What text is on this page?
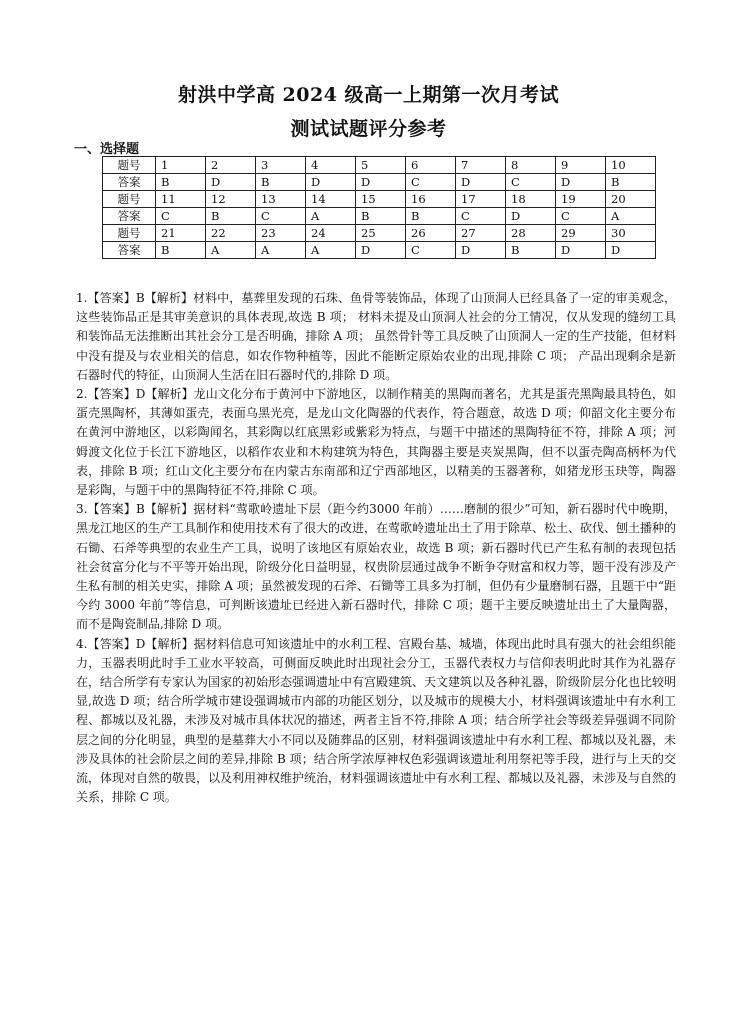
射洪中学高 2024 级高一上期第一次月考试
测试试题评分参考
一、选择题
题号	1	2	3	4	5	6	7	8	9	10
答案	B	D	B	D	D	C	D	C	D	B
题号	11	12	13	14	15	16	17	18	19	20
答案	C	B	C	A	B	B	C	D	C	A
题号	21	22	23	24	25	26	27	28	29	30
答案	B	A	A	A	D	C	D	B	D	D

1.【答案】B【解析】材料中，墓葬里发现的石珠、鱼骨等装饰品，体现了山顶洞人已经具备了一定的审美观念，这些装饰品正是其审美意识的具体表现,故选 B 项； 材料未提及山顶洞人社会的分工情况，仅从发现的缝纫工具和装饰品无法推断出其社会分工是否明确，排除 A 项； 虽然骨针等工具反映了山顶洞人一定的生产技能，但材料中没有提及与农业相关的信息，如农作物种植等，因此不能断定原始农业的出现,排除 C 项； 产品出现剩余是新石器时代的特征，山顶洞人生活在旧石器时代的,排除 D 项。

2.【答案】D【解析】龙山文化分布于黄河中下游地区，以制作精美的黑陶而著名，尤其是蛋壳黑陶最具特色，如蛋壳黑陶杯，其薄如蛋壳，表面乌黑光亮，是龙山文化陶器的代表作，符合题意，故选 D 项；仰韶文化主要分布在黄河中游地区，以彩陶闻名，其彩陶以红底黑彩或紫彩为特点，与题干中描述的黑陶特征不符，排除 A 项；河姆渡文化位于长江下游地区，以稻作农业和木构建筑为特色，其陶器主要是夹炭黑陶，但不以蛋壳陶高柄杯为代表，排除 B 项；红山文化主要分布在内蒙古东南部和辽宁西部地区，以精美的玉器著称，如猪龙形玉玦等，陶器是彩陶，与题干中的黑陶特征不符,排除 C 项。

3.【答案】B【解析】据材料“莺歌岭遗址下层（距今约3000 年前）……磨制的很少”可知，新石器时代中晚期，黑龙江地区的生产工具制作和使用技术有了很大的改进，在莺歌岭遗址出土了用于除草、松土、砍伐、刨土播种的石锄、石斧等典型的农业生产工具，说明了该地区有原始农业，故选 B 项；新石器时代已产生私有制的表现包括社会贫富分化与不平等开始出现，阶级分化日益明显，权贵阶层通过战争不断争夺财富和权力等，题干没有涉及产生私有制的相关史实，排除 A 项；虽然被发现的石斧、石锄等工具多为打制，但仍有少量磨制石器，且题干中“距今约 3000 年前”等信息，可判断该遗址已经进入新石器时代，排除 C 项；题干主要反映遗址出土了大量陶器，而不是陶瓷制品,排除 D 项。

4.【答案】D【解析】据材料信息可知该遗址中的水利工程、宫殿台基、城墙，体现出此时具有强大的社会组织能力，玉器表明此时手工业水平较高，可侧面反映此时出现社会分工，玉器代表权力与信仰表明此时其作为礼器存在，结合所学有专家认为国家的初始形态强调遗址中有宫殿建筑、天文建筑以及各种礼器，阶级阶层分化也比较明显,故选 D 项；结合所学城市建设强调城市内部的功能区划分，以及城市的规模大小，材料强调该遗址中有水利工程、都城以及礼器，未涉及对城市具体状况的描述，两者主旨不符,排除 A 项；结合所学社会等级差异强调不同阶层之间的分化明显，典型的是墓葬大小不同以及随葬品的区别，材料强调该遗址中有水利工程、都城以及礼器，未涉及具体的社会阶层之间的差异,排除 B 项；结合所学浓厚神权色彩强调该遗址利用祭祀等手段，进行与上天的交流，体现对自然的敬畏，以及利用神权维护统治，材料强调该遗址中有水利工程、都城以及礼器，未涉及与自然的关系，排除 C 项。
